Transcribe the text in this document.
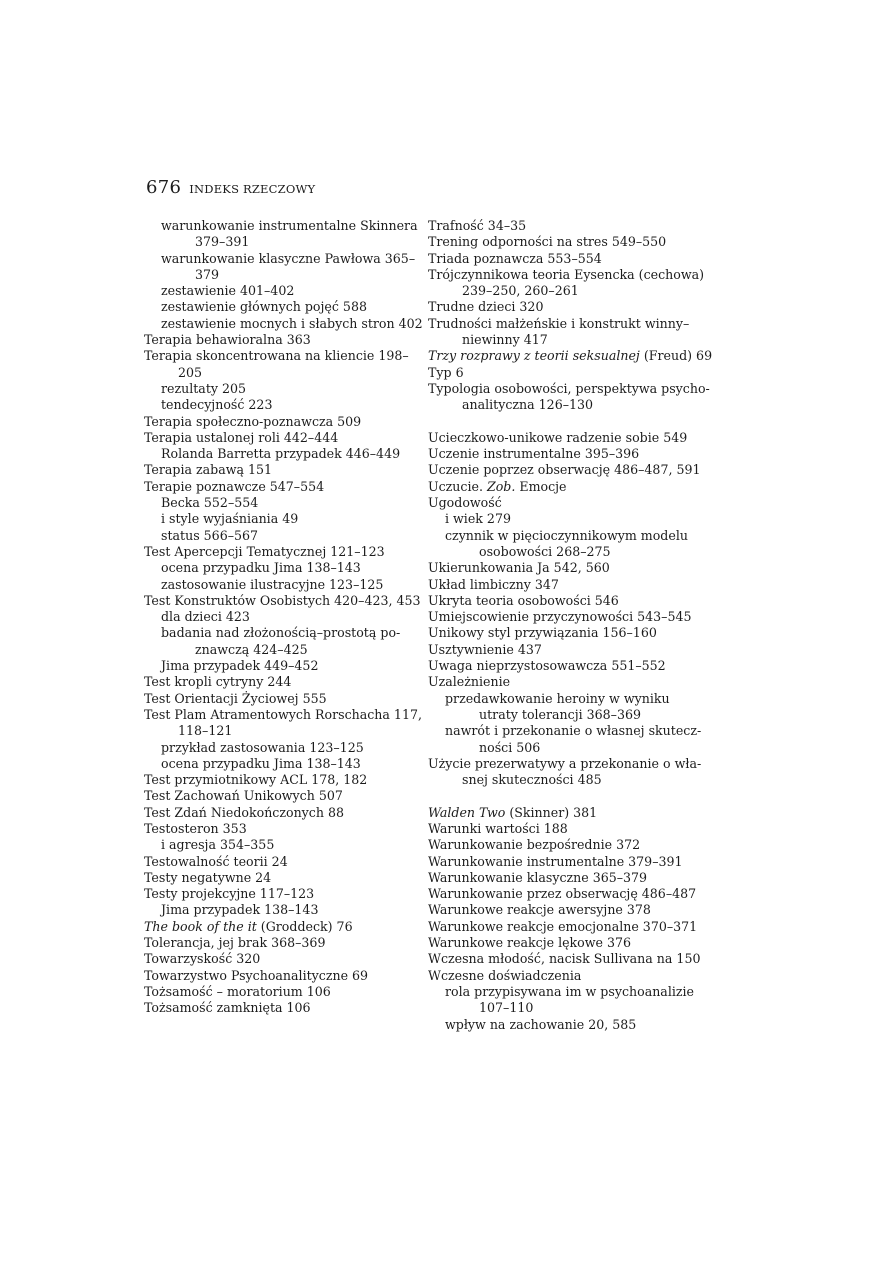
676 INDEKS RZECZOWY
warunkowanie instrumentalne Skinnera
379–391
warunkowanie klasyczne Pawłowa 365–
379
zestawienie 401–402
zestawienie głównych pojęć 588
zestawienie mocnych i słabych stron 402
Terapia behawioralna 363
Terapia skoncentrowana na kliencie 198–
205
rezultaty 205
tendecyjność 223
Terapia społeczno-poznawcza 509
Terapia ustalonej roli 442–444
Rolanda Barretta przypadek 446–449
Terapia zabawą 151
Terapie poznawcze 547–554
Becka 552–554
i style wyjaśniania 49
status 566–567
Test Apercepcji Tematycznej 121–123
ocena przypadku Jima 138–143
zastosowanie ilustracyjne 123–125
Test Konstruktów Osobistych 420–423, 453
dla dzieci 423
badania nad złożonością–prostotą po-
znawczą 424–425
Jima przypadek 449–452
Test kropli cytryny 244
Test Orientacji Życiowej 555
Test Plam Atramentowych Rorschacha 117,
118–121
przykład zastosowania 123–125
ocena przypadku Jima 138–143
Test przymiotnikowy ACL 178, 182
Test Zachowań Unikowych 507
Test Zdań Niedokończonych 88
Testosteron 353
i agresja 354–355
Testowalność teorii 24
Testy negatywne 24
Testy projekcyjne 117–123
Jima przypadek 138–143
The book of the it (Groddeck) 76
Tolerancja, jej brak 368–369
Towarzyskość 320
Towarzystwo Psychoanalityczne 69
Tożsamość – moratorium 106
Tożsamość zamknięta 106
Trafność 34–35
Trening odporności na stres 549–550
Triada poznawcza 553–554
Trójczynnikowa teoria Eysencka (cechowa)
239–250, 260–261
Trudne dzieci 320
Trudności małżeńskie i konstrukt winny–
niewinny 417
Trzy rozprawy z teorii seksualnej (Freud) 69
Typ 6
Typologia osobowości, perspektywa psycho-
analityczna 126–130
Ucieczkowo-unikowe radzenie sobie 549
Uczenie instrumentalne 395–396
Uczenie poprzez obserwację 486–487, 591
Uczucie. Zob. Emocje
Ugodowość
i wiek 279
czynnik w pięcioczynnikowym modelu
osobowości 268–275
Ukierunkowania Ja 542, 560
Układ limbiczny 347
Ukryta teoria osobowości 546
Umiejscowienie przyczynowości 543–545
Unikowy styl przywiązania 156–160
Usztywnienie 437
Uwaga nieprzystosowawcza 551–552
Uzależnienie
przedawkowanie heroiny w wyniku
utraty tolerancji 368–369
nawrót i przekonanie o własnej skutecz-
ności 506
Użycie prezerwatywy a przekonanie o wła-
snej skuteczności 485
Walden Two (Skinner) 381
Warunki wartości 188
Warunkowanie bezpośrednie 372
Warunkowanie instrumentalne 379–391
Warunkowanie klasyczne 365–379
Warunkowanie przez obserwację 486–487
Warunkowe reakcje awersyjne 378
Warunkowe reakcje emocjonalne 370–371
Warunkowe reakcje lękowe 376
Wczesna młodość, nacisk Sullivana na 150
Wczesne doświadczenia
rola przypisywana im w psychoanalizie
107–110
wpływ na zachowanie 20, 585
